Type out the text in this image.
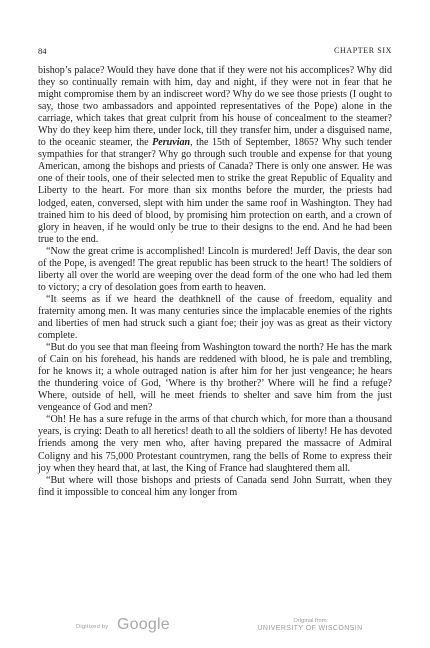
84	CHAPTER SIX

bishop’s palace? Would they have done that if they were not his accomplices? Why did they so continually remain with him, day and night, if they were not in fear that he might compromise them by an indiscreet word? Why do we see those priests (I ought to say, those two ambassadors and appointed representatives of the Pope) alone in the carriage, which takes that great culprit from his house of concealment to the steamer? Why do they keep him there, under lock, till they transfer him, under a disguised name, to the oceanic steamer, the Peruvian, the 15th of September, 1865? Why such tender sympathies for that stranger? Why go through such trouble and expense for that young American, among the bishops and priests of Canada? There is only one answer. He was one of their tools, one of their selected men to strike the great Republic of Equality and Liberty to the heart. For more than six months before the murder, the priests had lodged, eaten, conversed, slept with him under the same roof in Washington. They had trained him to his deed of blood, by promising him protection on earth, and a crown of glory in heaven, if he would only be true to their designs to the end. And he had been true to the end.

“Now the great crime is accomplished! Lincoln is murdered! Jeff Davis, the dear son of the Pope, is avenged! The great republic has been struck to the heart! The soldiers of liberty all over the world are weeping over the dead form of the one who had led them to victory; a cry of desolation goes from earth to heaven.

“It seems as if we heard the deathknell of the cause of freedom, equality and fraternity among men. It was many centuries since the implacable enemies of the rights and liberties of men had struck such a giant foe; their joy was as great as their victory complete.

“But do you see that man fleeing from Washington toward the north? He has the mark of Cain on his forehead, his hands are reddened with blood, he is pale and trembling, for he knows it; a whole outraged nation is after him for her just vengeance; he hears the thundering voice of God, ‘Where is thy brother?’ Where will he find a refuge? Where, outside of hell, will he meet friends to shelter and save him from the just vengeance of God and men?

“Oh! He has a sure refuge in the arms of that church which, for more than a thousand years, is crying: Death to all heretics! death to all the soldiers of liberty! He has devoted friends among the very men who, after having prepared the massacre of Admiral Coligny and his 75,000 Protestant countrymen, rang the bells of Rome to express their joy when they heard that, at last, the King of France had slaughtered them all.

“But where will those bishops and priests of Canada send John Surratt, when they find it impossible to conceal him any longer from

Digitized by Google	Original from
UNIVERSITY OF WISCONSIN
